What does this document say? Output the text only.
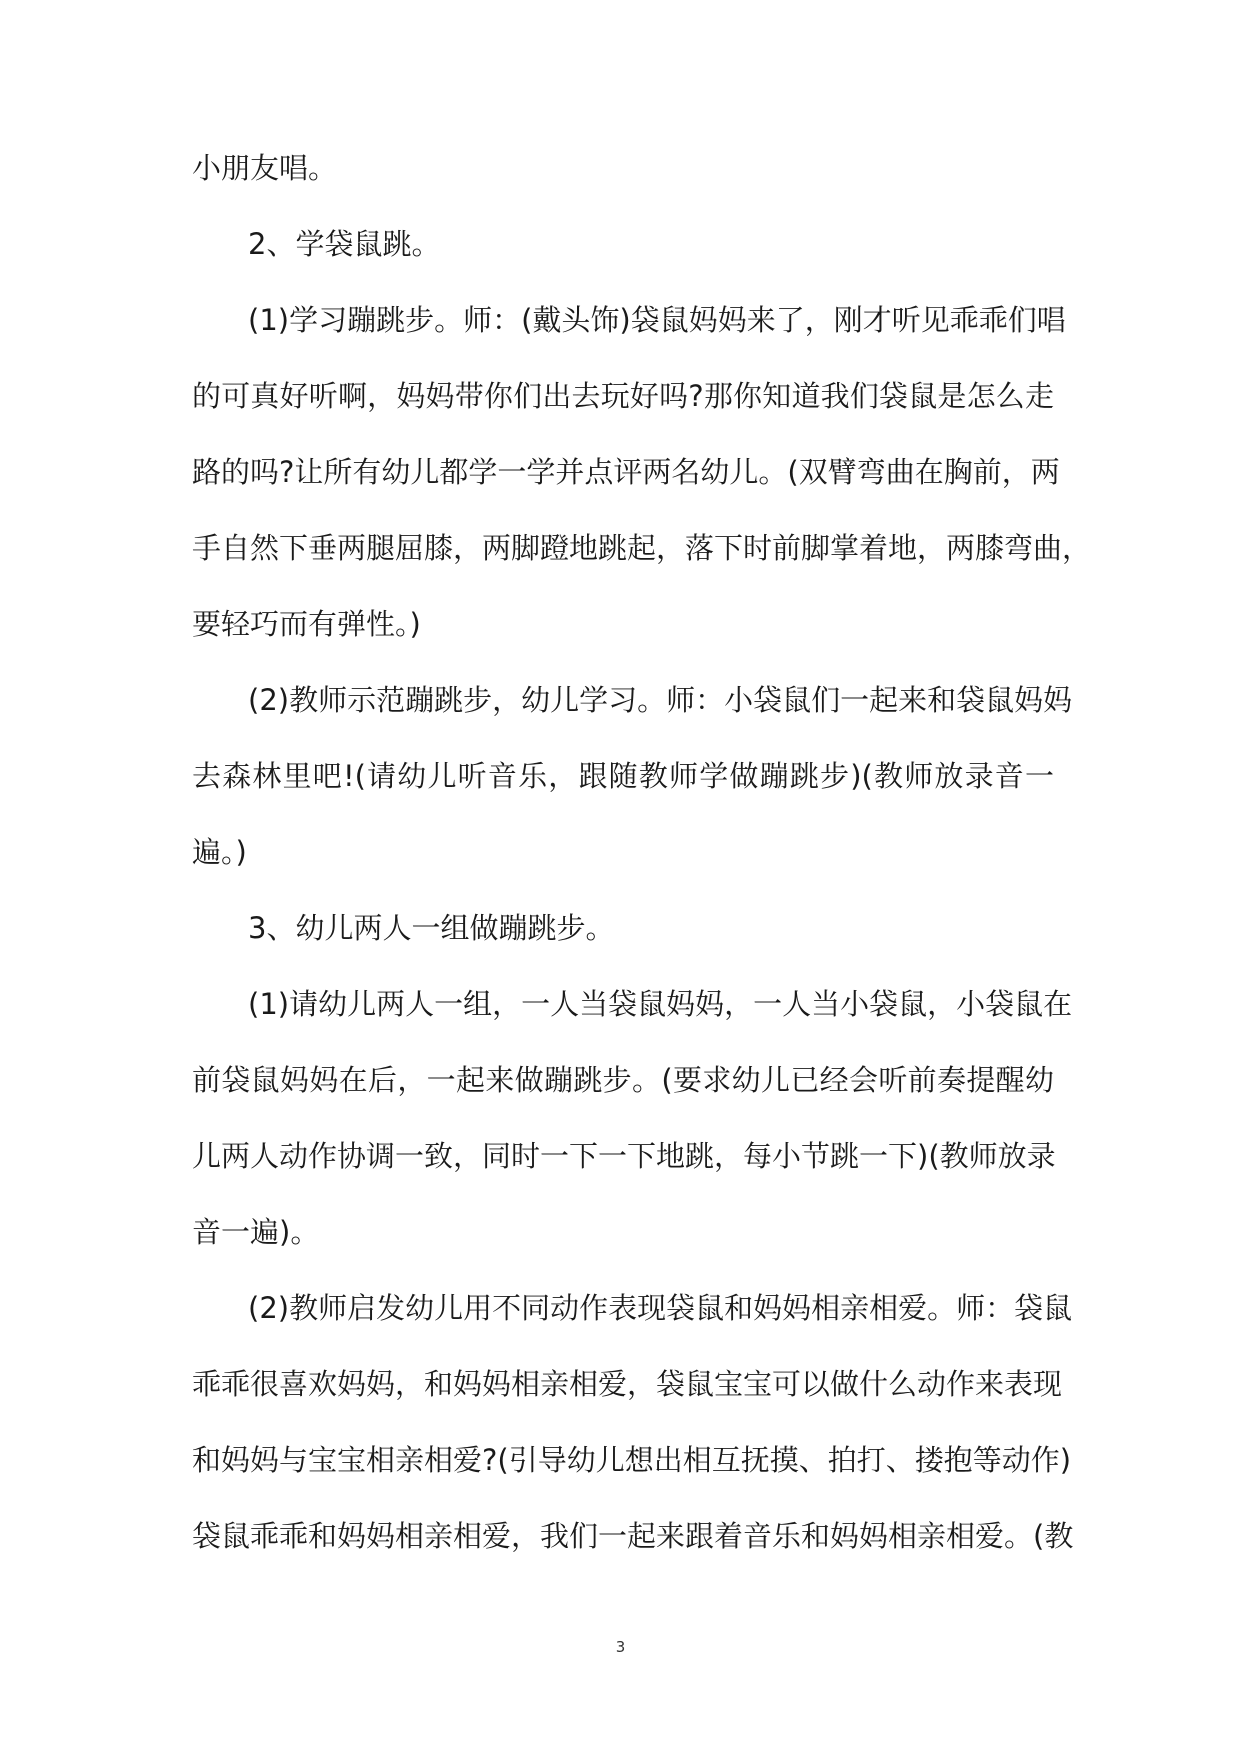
小朋友唱。
2、学袋鼠跳。
(1)学习蹦跳步。师：(戴头饰)袋鼠妈妈来了，刚才听见乖乖们唱
的可真好听啊，妈妈带你们出去玩好吗?那你知道我们袋鼠是怎么走
路的吗?让所有幼儿都学一学并点评两名幼儿。(双臂弯曲在胸前，两
手自然下垂两腿屈膝，两脚蹬地跳起，落下时前脚掌着地，两膝弯曲，
要轻巧而有弹性。)
(2)教师示范蹦跳步，幼儿学习。师：小袋鼠们一起来和袋鼠妈妈
去森林里吧!(请幼儿听音乐，跟随教师学做蹦跳步)(教师放录音一
遍。)
3、幼儿两人一组做蹦跳步。
(1)请幼儿两人一组，一人当袋鼠妈妈，一人当小袋鼠，小袋鼠在
前袋鼠妈妈在后，一起来做蹦跳步。(要求幼儿已经会听前奏提醒幼
儿两人动作协调一致，同时一下一下地跳，每小节跳一下)(教师放录
音一遍)。
(2)教师启发幼儿用不同动作表现袋鼠和妈妈相亲相爱。师：袋鼠
乖乖很喜欢妈妈，和妈妈相亲相爱，袋鼠宝宝可以做什么动作来表现
和妈妈与宝宝相亲相爱?(引导幼儿想出相互抚摸、拍打、搂抱等动作)
袋鼠乖乖和妈妈相亲相爱，我们一起来跟着音乐和妈妈相亲相爱。(教
3
